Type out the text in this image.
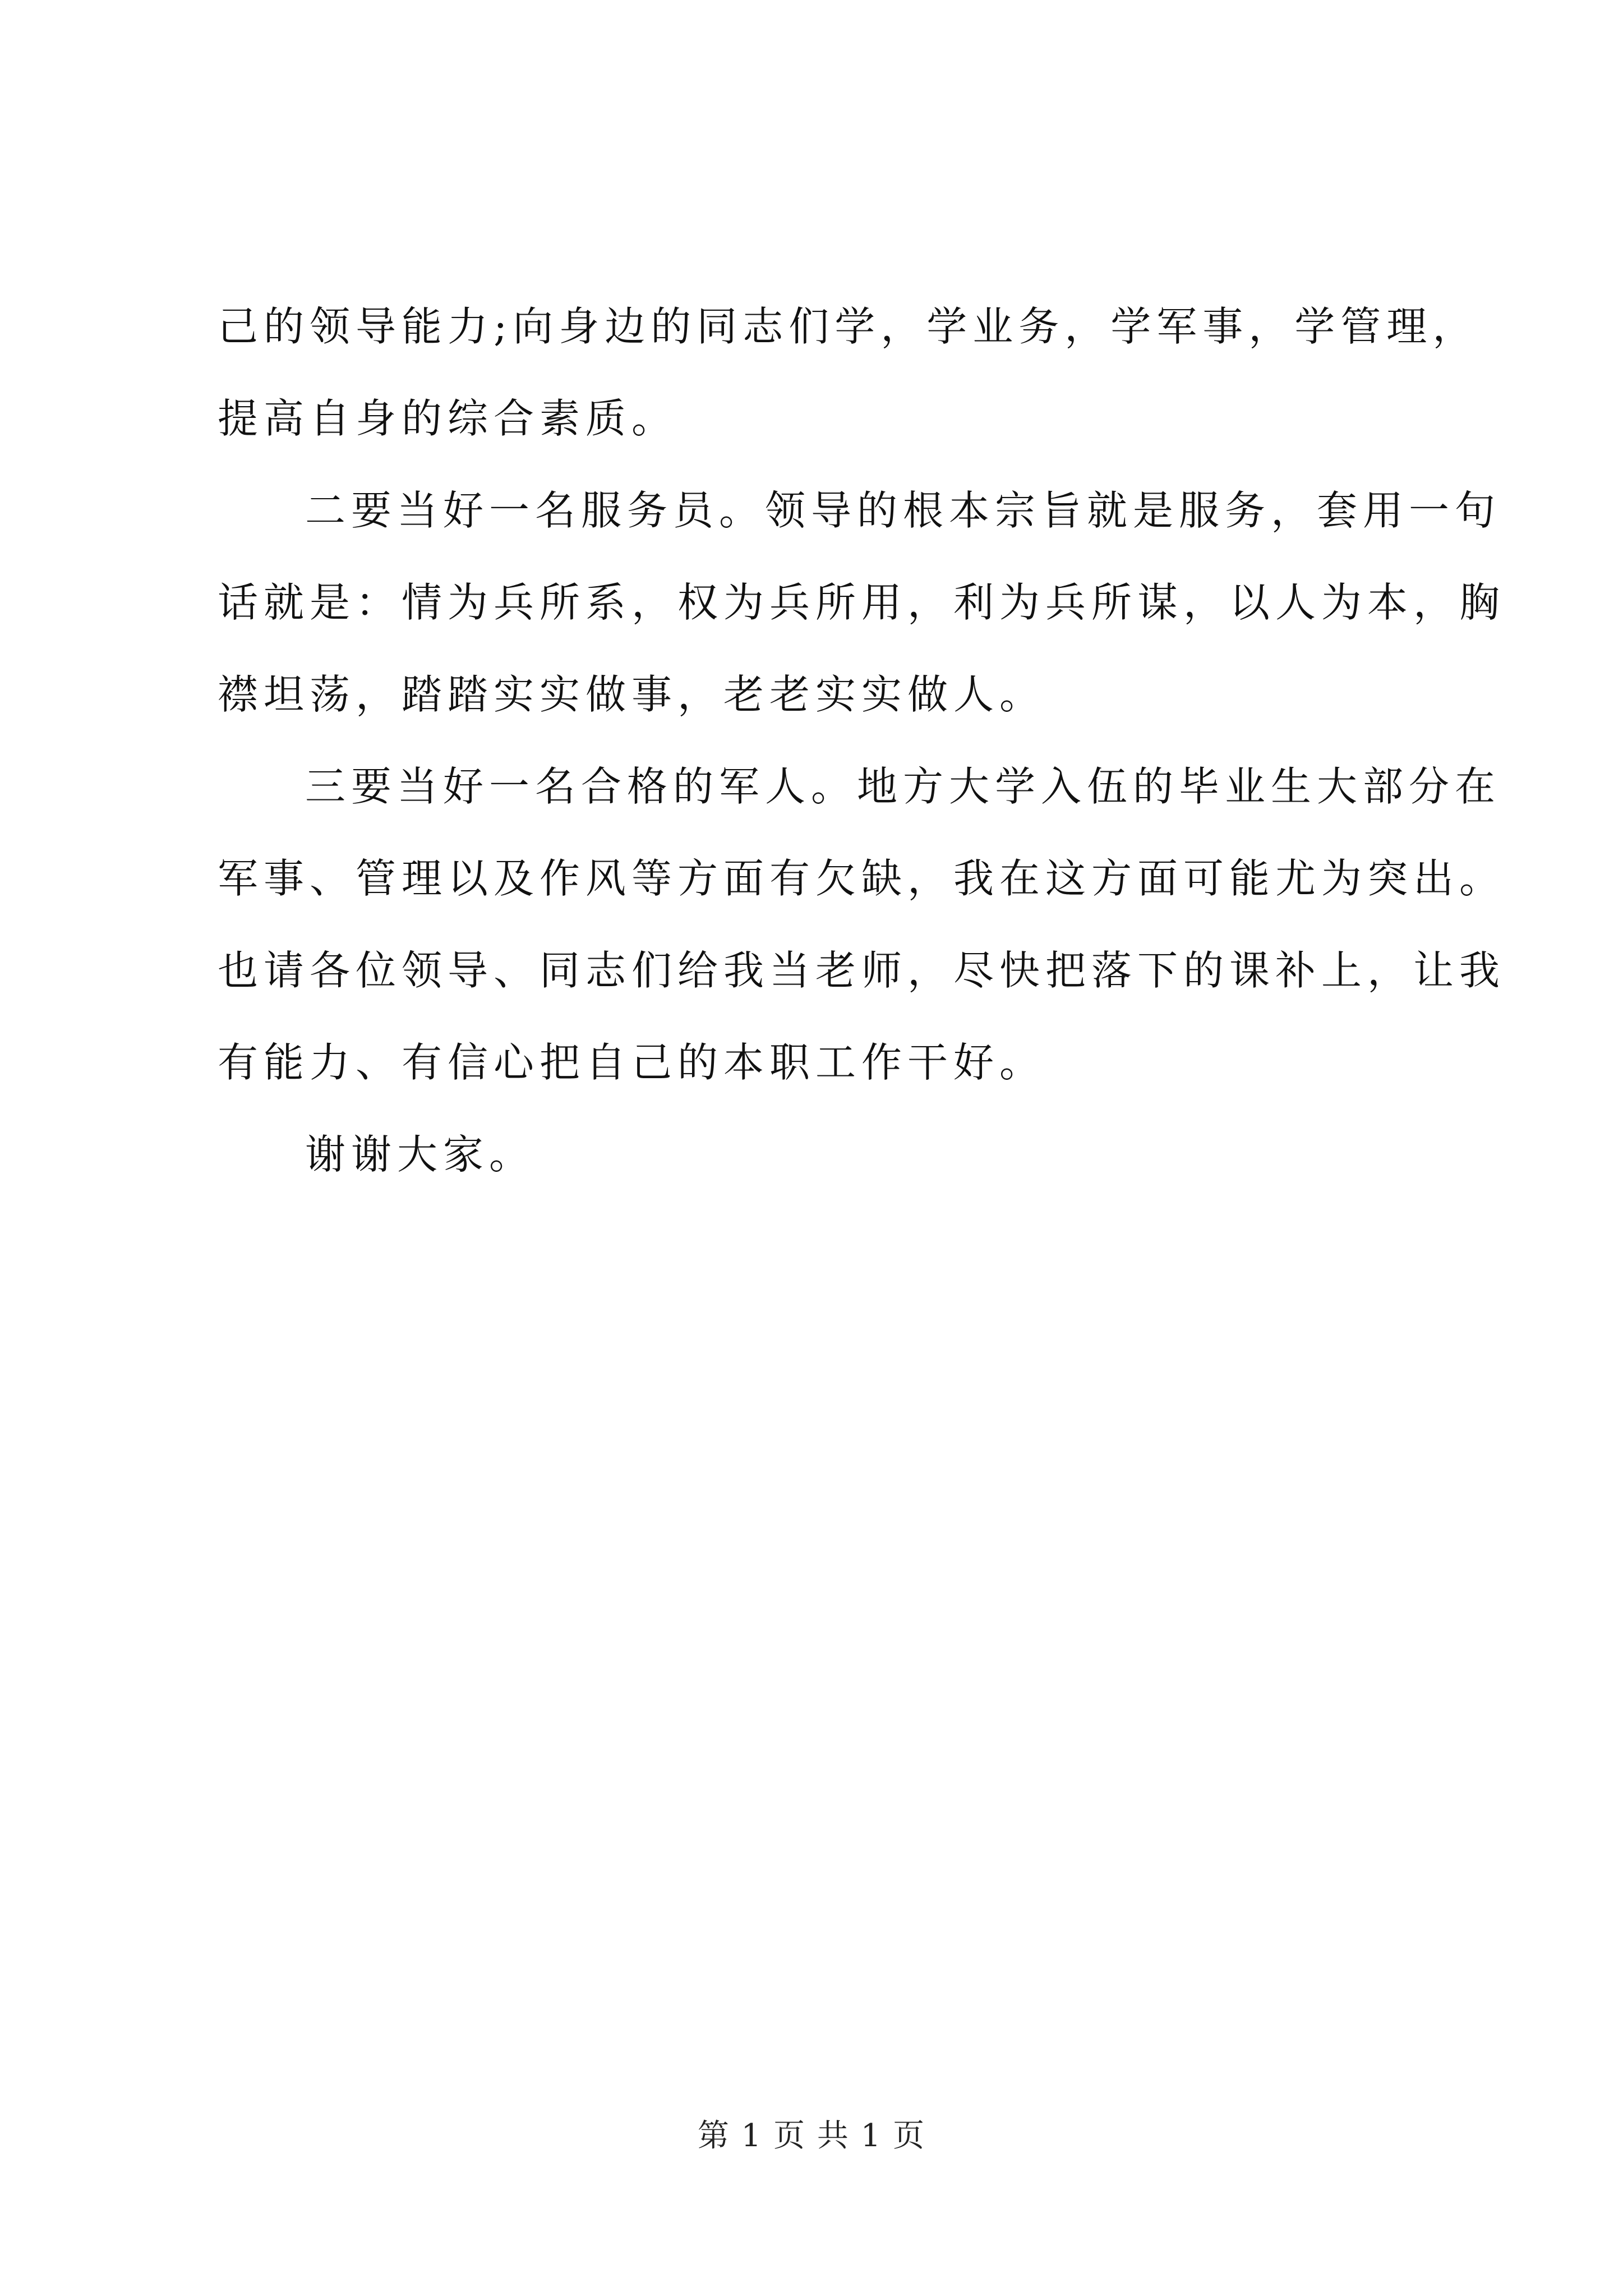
己的领导能力;向身边的同志们学，学业务，学军事，学管理，
提高自身的综合素质。
二要当好一名服务员。领导的根本宗旨就是服务，套用一句
话就是：情为兵所系，权为兵所用，利为兵所谋，以人为本，胸
襟坦荡，踏踏实实做事，老老实实做人。
三要当好一名合格的军人。地方大学入伍的毕业生大部分在
军事、管理以及作风等方面有欠缺，我在这方面可能尤为突出。
也请各位领导、同志们给我当老师，尽快把落下的课补上，让我
有能力、有信心把自己的本职工作干好。
谢谢大家。
第 1 页 共 1 页
